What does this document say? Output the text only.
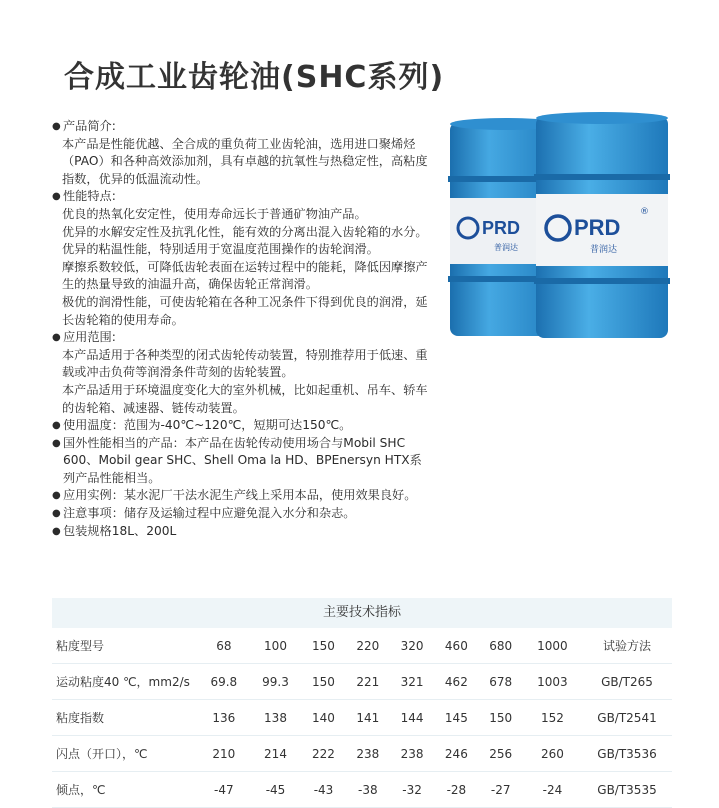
合成工业齿轮油(SHC系列)
● 产品简介:

本产品是性能优越、全合成的重负荷工业齿轮油，选用进口聚烯烃（PAO）和各种高效添加剂，具有卓越的抗氧性与热稳定性，高粘度指数，优异的低温流动性。

● 性能特点:

优良的热氧化安定性，使用寿命远长于普通矿物油产品。

优异的水解安定性及抗乳化性，能有效的分离出混入齿轮箱的水分。

优异的粘温性能，特别适用于宽温度范围操作的齿轮润滑。

摩擦系数较低，可降低齿轮表面在运转过程中的能耗，降低因摩擦产生的热量导致的油温升高，确保齿轮正常润滑。

极优的润滑性能，可使齿轮箱在各种工况条件下得到优良的润滑，延长齿轮箱的使用寿命。

● 应用范围:

本产品适用于各种类型的闭式齿轮传动装置，特别推荐用于低速、重载或冲击负荷等润滑条件苛刻的齿轮装置。

本产品适用于环境温度变化大的室外机械，比如起重机、吊车、轿车的齿轮箱、减速器、链传动装置。

● 使用温度：范围为-40℃~120℃，短期可达150℃。

● 国外性能相当的产品：本产品在齿轮传动使用场合与Mobil SHC 600、Mobil gear SHC、Shell Oma la HD、BPEnersyn HTX系列产品性能相当。

● 应用实例：某水泥厂干法水泥生产线上采用本品，使用效果良好。

● 注意事项：储存及运输过程中应避免混入水分和杂志。

● 包装规格18L、200L

PRD
普润达
PRD
®
普润达
主要技术指标
粘度型号	68	100	150	220	320	460	680	1000	试验方法
运动粘度40 ℃，mm2/s	69.8	99.3	150	221	321	462	678	1003	GB/T265
粘度指数	136	138	140	141	144	145	150	152	GB/T2541
闪点（开口），℃	210	214	222	238	238	246	256	260	GB/T3536
倾点，℃	-47	-45	-43	-38	-32	-28	-27	-24	GB/T3535
